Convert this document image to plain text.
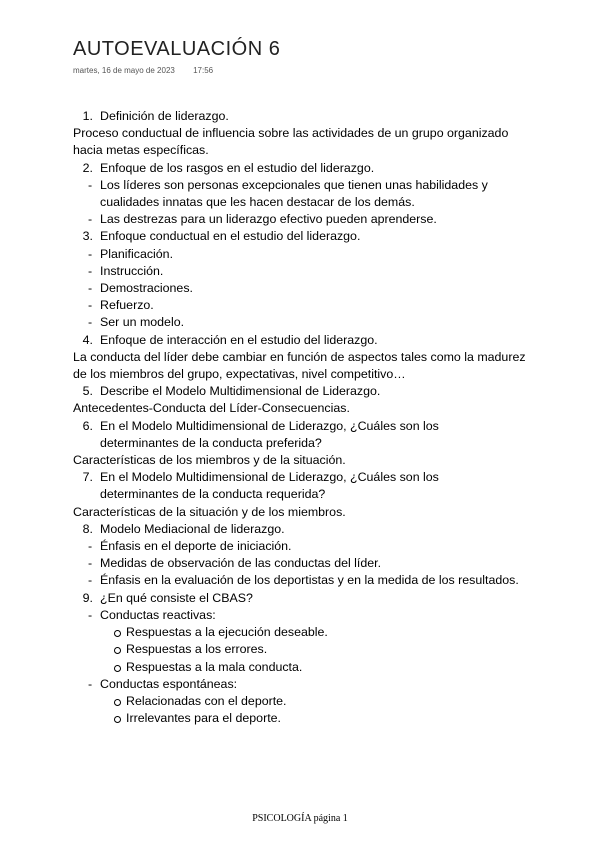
AUTOEVALUACIÓN 6
martes, 16 de mayo de 2023 17:56
1. Definición de liderazgo.
Proceso conductual de influencia sobre las actividades de un grupo organizado hacia metas específicas.
2. Enfoque de los rasgos en el estudio del liderazgo.
- Los líderes son personas excepcionales que tienen unas habilidades y cualidades innatas que les hacen destacar de los demás.
- Las destrezas para un liderazgo efectivo pueden aprenderse.
3. Enfoque conductual en el estudio del liderazgo.
- Planificación.
- Instrucción.
- Demostraciones.
- Refuerzo.
- Ser un modelo.
4. Enfoque de interacción en el estudio del liderazgo.
La conducta del líder debe cambiar en función de aspectos tales como la madurez de los miembros del grupo, expectativas, nivel competitivo…
5. Describe el Modelo Multidimensional de Liderazgo.
Antecedentes-Conducta del Líder-Consecuencias.
6. En el Modelo Multidimensional de Liderazgo, ¿Cuáles son los
determinantes de la conducta preferida?
Características de los miembros y de la situación.
7. En el Modelo Multidimensional de Liderazgo, ¿Cuáles son los
determinantes de la conducta requerida?
Características de la situación y de los miembros.
8. Modelo Mediacional de liderazgo.
- Énfasis en el deporte de iniciación.
- Medidas de observación de las conductas del líder.
- Énfasis en la evaluación de los deportistas y en la medida de los resultados.
9. ¿En qué consiste el CBAS?
- Conductas reactivas:
Respuestas a la ejecución deseable.
Respuestas a los errores.
Respuestas a la mala conducta.
- Conductas espontáneas:
Relacionadas con el deporte.
Irrelevantes para el deporte.
PSICOLOGÍA página 1
